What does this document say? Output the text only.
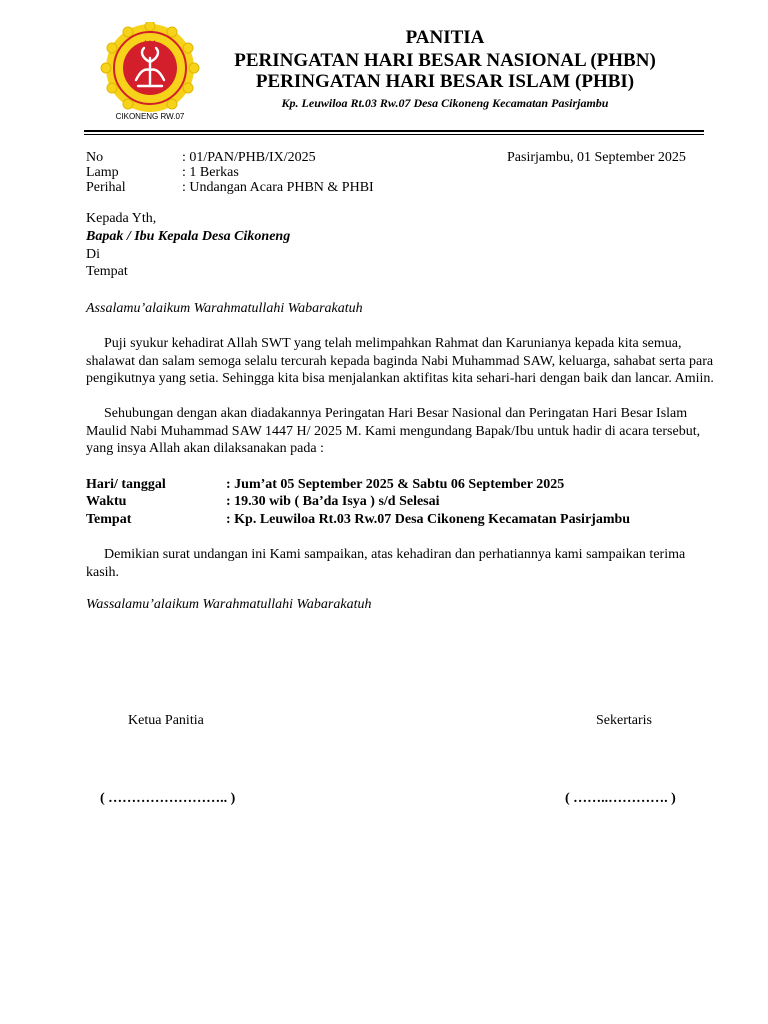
• • •
CIKONENG RW.07
PANITIA
PERINGATAN HARI BESAR NASIONAL (PHBN)
PERINGATAN HARI BESAR ISLAM (PHBI)
Kp. Leuwiloa Rt.03 Rw.07 Desa Cikoneng Kecamatan Pasirjambu
No	: 01/PAN/PHB/IX/2025	Pasirjambu, 01 September 2025
Lamp	: 1 Berkas
Perihal	: Undangan Acara PHBN & PHBI
Kepada Yth,
Bapak / Ibu Kepala Desa Cikoneng
Di
Tempat
Assalamu’alaikum Warahmatullahi Wabarakatuh
Puji syukur kehadirat Allah SWT yang telah melimpahkan Rahmat dan Karunianya kepada kita semua, shalawat dan salam semoga selalu tercurah kepada baginda Nabi Muhammad SAW, keluarga, sahabat serta para pengikutnya yang setia. Sehingga kita bisa menjalankan aktifitas kita sehari-hari dengan baik dan lancar. Amiin.
Sehubungan dengan akan diadakannya Peringatan Hari Besar Nasional dan Peringatan Hari Besar Islam Maulid Nabi Muhammad SAW 1447 H/ 2025 M. Kami mengundang Bapak/Ibu untuk hadir di acara tersebut, yang insya Allah akan dilaksanakan pada :
Hari/ tanggal	: Jum’at 05 September 2025 & Sabtu 06 September 2025
Waktu	: 19.30 wib ( Ba’da Isya ) s/d Selesai
Tempat	: Kp. Leuwiloa Rt.03 Rw.07 Desa Cikoneng Kecamatan Pasirjambu
Demikian surat undangan ini Kami sampaikan, atas kehadiran dan perhatiannya kami sampaikan terima kasih.
Wassalamu’alaikum Warahmatullahi Wabarakatuh
Ketua Panitia	Sekertaris
( …………………….. )	( ……..…………. )
